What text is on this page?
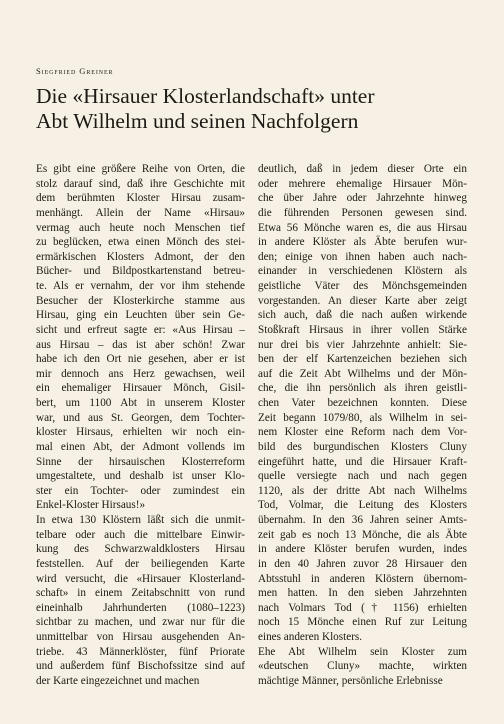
Siegfried Greiner
Die «Hirsauer Klosterlandschaft» unter
Abt Wilhelm und seinen Nachfolgern
Es gibt eine größere Reihe von Orten, die
stolz darauf sind, daß ihre Geschichte mit
dem berühmten Kloster Hirsau zusam-
menhängt. Allein der Name «Hirsau»
vermag auch heute noch Menschen tief
zu beglücken, etwa einen Mönch des stei-
ermärkischen Klosters Admont, der den
Bücher- und Bildpostkartenstand betreu-
te. Als er vernahm, der vor ihm stehende
Besucher der Klosterkirche stamme aus
Hirsau, ging ein Leuchten über sein Ge-
sicht und erfreut sagte er: «Aus Hirsau –
aus Hirsau – das ist aber schön! Zwar
habe ich den Ort nie gesehen, aber er ist
mir dennoch ans Herz gewachsen, weil
ein ehemaliger Hirsauer Mönch, Gisil-
bert, um 1100 Abt in unserem Kloster
war, und aus St. Georgen, dem Tochter-
kloster Hirsaus, erhielten wir noch ein-
mal einen Abt, der Admont vollends im
Sinne der hirsauischen Klosterreform
umgestaltete, und deshalb ist unser Klo-
ster ein Tochter- oder zumindest ein
Enkel-Kloster Hirsaus!»
In etwa 130 Klöstern läßt sich die unmit-
telbare oder auch die mittelbare Einwir-
kung des Schwarzwaldklosters Hirsau
feststellen. Auf der beiliegenden Karte
wird versucht, die «Hirsauer Klosterland-
schaft» in einem Zeitabschnitt von rund
eineinhalb Jahrhunderten (1080–1223)
sichtbar zu machen, und zwar nur für die
unmittelbar von Hirsau ausgehenden An-
triebe. 43 Männerklöster, fünf Priorate
und außerdem fünf Bischofssitze sind auf
der Karte eingezeichnet und machen
deutlich, daß in jedem dieser Orte ein
oder mehrere ehemalige Hirsauer Mön-
che über Jahre oder Jahrzehnte hinweg
die führenden Personen gewesen sind.
Etwa 56 Mönche waren es, die aus Hirsau
in andere Klöster als Äbte berufen wur-
den; einige von ihnen haben auch nach-
einander in verschiedenen Klöstern als
geistliche Väter des Mönchsgemeinden
vorgestanden. An dieser Karte aber zeigt
sich auch, daß die nach außen wirkende
Stoßkraft Hirsaus in ihrer vollen Stärke
nur drei bis vier Jahrzehnte anhielt: Sie-
ben der elf Kartenzeichen beziehen sich
auf die Zeit Abt Wilhelms und der Mön-
che, die ihn persönlich als ihren geistli-
chen Vater bezeichnen konnten. Diese
Zeit begann 1079/80, als Wilhelm in sei-
nem Kloster eine Reform nach dem Vor-
bild des burgundischen Klosters Cluny
eingeführt hatte, und die Hirsauer Kraft-
quelle versiegte nach und nach gegen
1120, als der dritte Abt nach Wilhelms
Tod, Volmar, die Leitung des Klosters
übernahm. In den 36 Jahren seiner Amts-
zeit gab es noch 13 Mönche, die als Äbte
in andere Klöster berufen wurden, indes
in den 40 Jahren zuvor 28 Hirsauer den
Abtsstuhl in anderen Klöstern übernom-
men hatten. In den sieben Jahrzehnten
nach Volmars Tod († 1156) erhielten
noch 15 Mönche einen Ruf zur Leitung
eines anderen Klosters.
Ehe Abt Wilhelm sein Kloster zum
«deutschen Cluny» machte, wirkten
mächtige Männer, persönliche Erlebnisse
